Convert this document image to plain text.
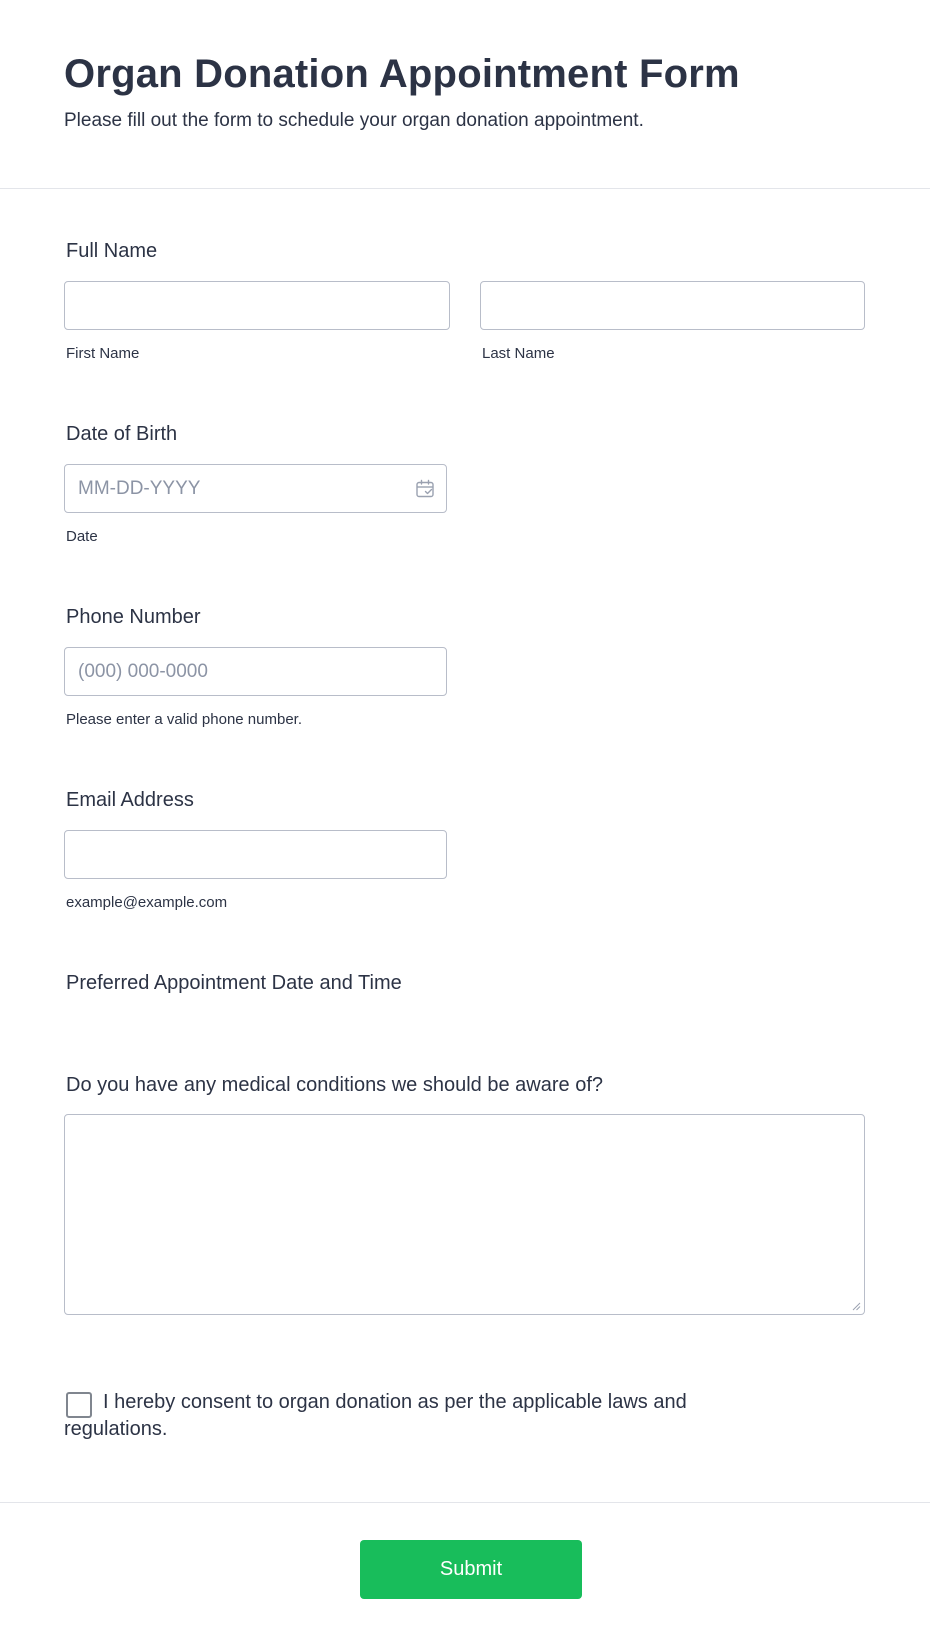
Organ Donation Appointment Form
Please fill out the form to schedule your organ donation appointment.
Full Name
First Name	Last Name
Date of Birth
MM-DD-YYYY
Date
Phone Number
(000) 000-0000
Please enter a valid phone number.
Email Address
example@example.com
Preferred Appointment Date and Time
Do you have any medical conditions we should be aware of?
I hereby consent to organ donation as per the applicable laws and regulations.
Submit
